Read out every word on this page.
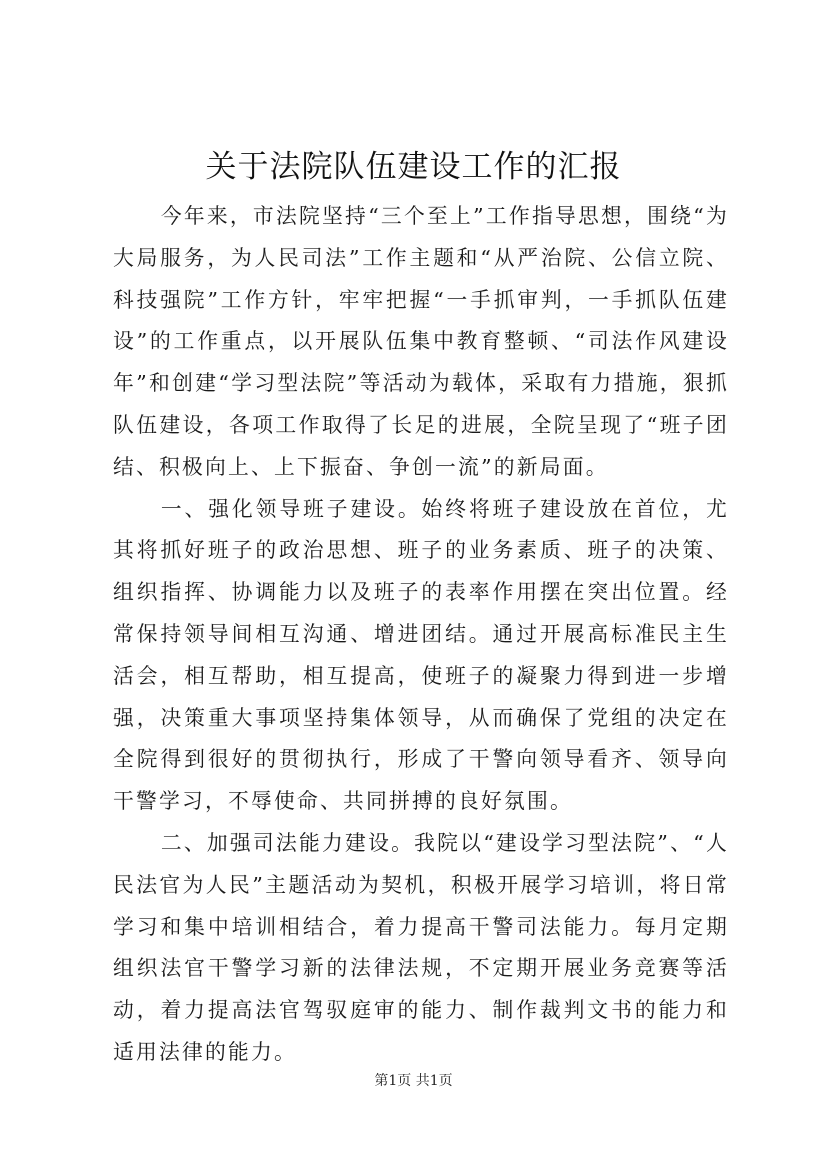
关于法院队伍建设工作的汇报

今年来，市法院坚持“三个至上”工作指导思想，围绕“为大局服务，为人民司法”工作主题和“从严治院、公信立院、科技强院”工作方针，牢牢把握“一手抓审判，一手抓队伍建设”的工作重点，以开展队伍集中教育整顿、“司法作风建设年”和创建“学习型法院”等活动为载体，采取有力措施，狠抓队伍建设，各项工作取得了长足的进展，全院呈现了“班子团结、积极向上、上下振奋、争创一流”的新局面。

一、强化领导班子建设。始终将班子建设放在首位，尤其将抓好班子的政治思想、班子的业务素质、班子的决策、组织指挥、协调能力以及班子的表率作用摆在突出位置。经常保持领导间相互沟通、增进团结。通过开展高标准民主生活会，相互帮助，相互提高，使班子的凝聚力得到进一步增强，决策重大事项坚持集体领导，从而确保了党组的决定在全院得到很好的贯彻执行，形成了干警向领导看齐、领导向干警学习，不辱使命、共同拼搏的良好氛围。

二、加强司法能力建设。我院以“建设学习型法院”、“人民法官为人民”主题活动为契机，积极开展学习培训，将日常学习和集中培训相结合，着力提高干警司法能力。每月定期组织法官干警学习新的法律法规，不定期开展业务竞赛等活动，着力提高法官驾驭庭审的能力、制作裁判文书的能力和适用法律的能力。

第1页 共1页
